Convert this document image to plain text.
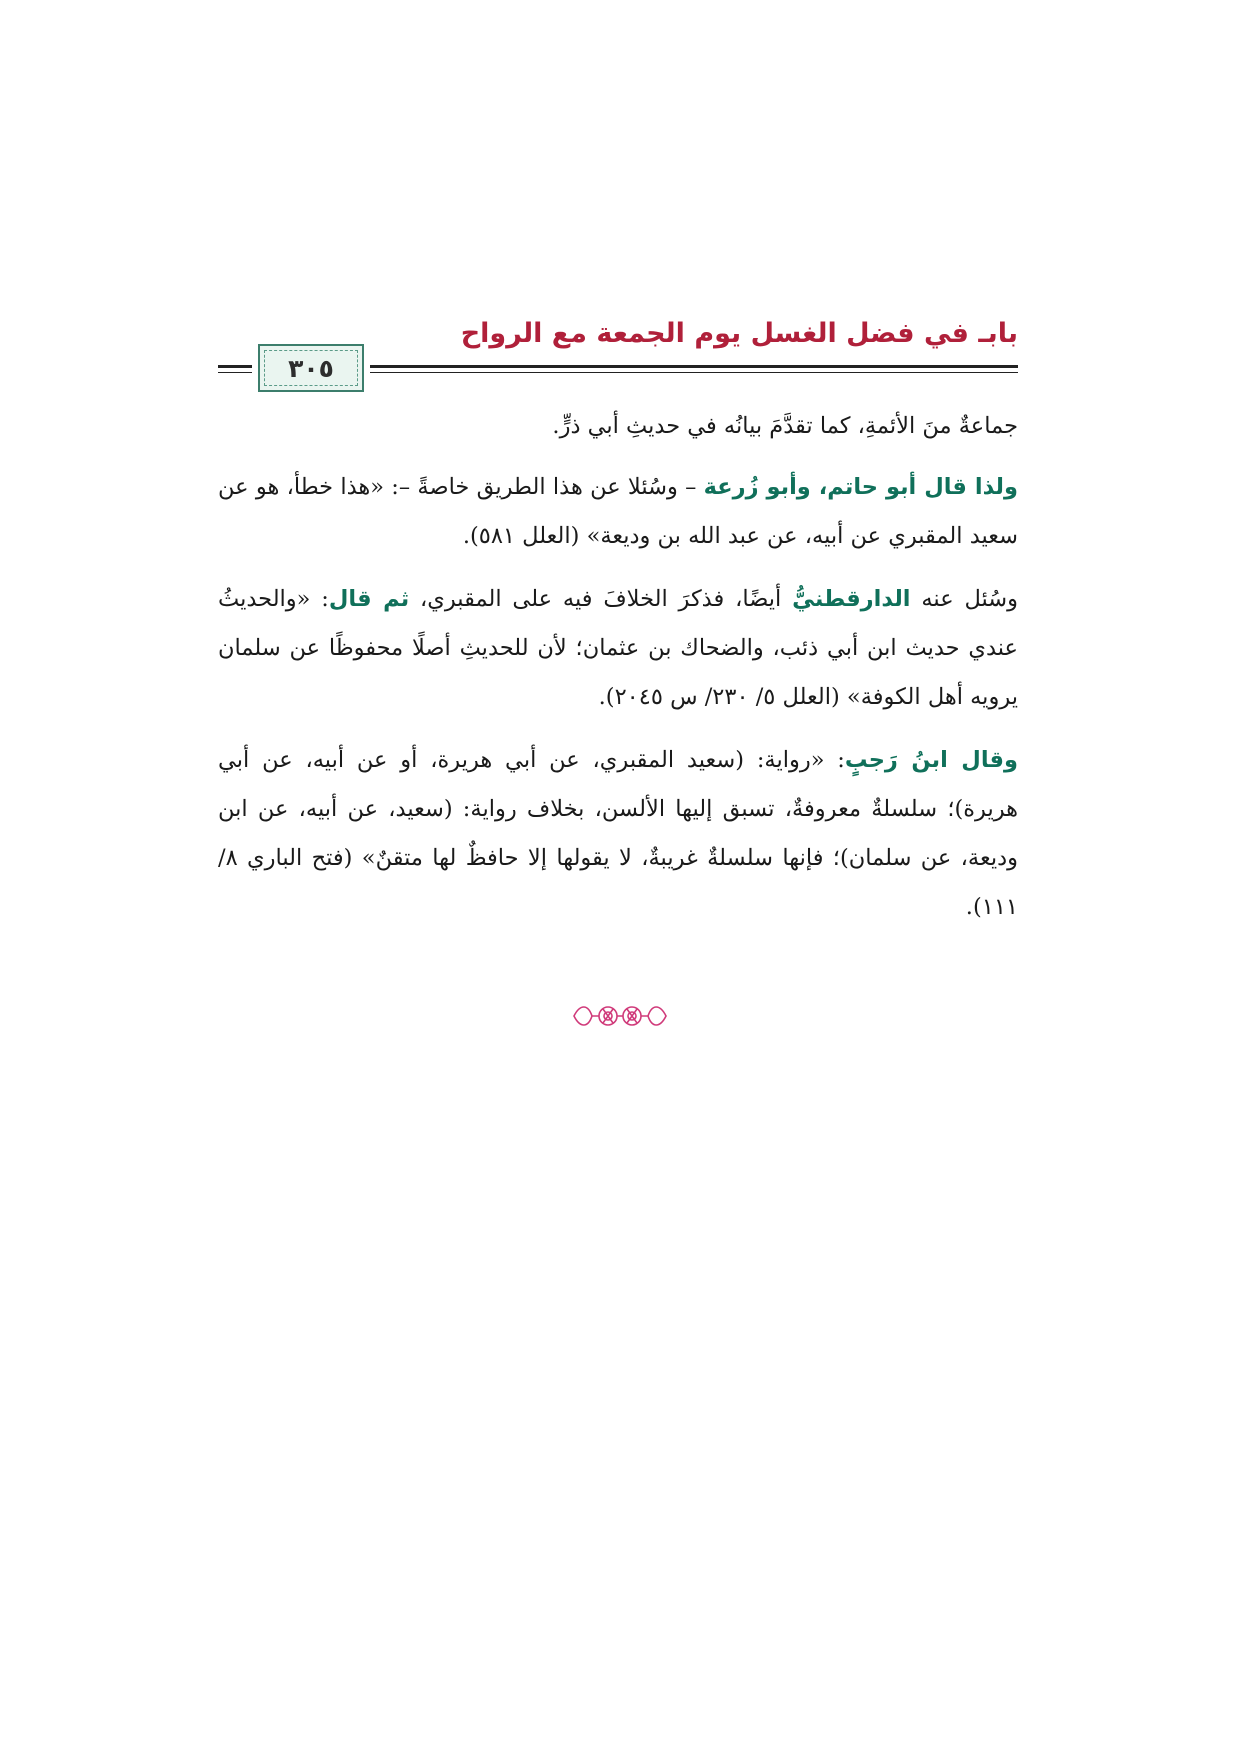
بابـ في فضل الغسل يوم الجمعة مع الرواح
٣٠٥

جماعةٌ منَ الأئمةِ، كما تقدَّمَ بيانُه في حديثِ أبي ذرٍّ.

ولذا قال أبو حاتم، وأبو زُرعة – وسُئلا عن هذا الطريق خاصةً –: «هذا خطأ، هو عن سعيد المقبري عن أبيه، عن عبد الله بن وديعة» (العلل ٥٨١).

وسُئل عنه الدارقطنيُّ أيضًا، فذكرَ الخلافَ فيه على المقبري، ثم قال: «والحديثُ عندي حديث ابن أبي ذئب، والضحاك بن عثمان؛ لأن للحديثِ أصلًا محفوظًا عن سلمان يرويه أهل الكوفة» (العلل ٥/ ٢٣٠/ س ٢٠٤٥).

وقال ابنُ رَجبٍ: «رواية: (سعيد المقبري، عن أبي هريرة، أو عن أبيه، عن أبي هريرة)؛ سلسلةٌ معروفةٌ، تسبق إليها الألسن، بخلاف رواية: (سعيد، عن أبيه، عن ابن وديعة، عن سلمان)؛ فإنها سلسلةٌ غريبةٌ، لا يقولها إلا حافظٌ لها متقنٌ» (فتح الباري ٨/ ١١١).
